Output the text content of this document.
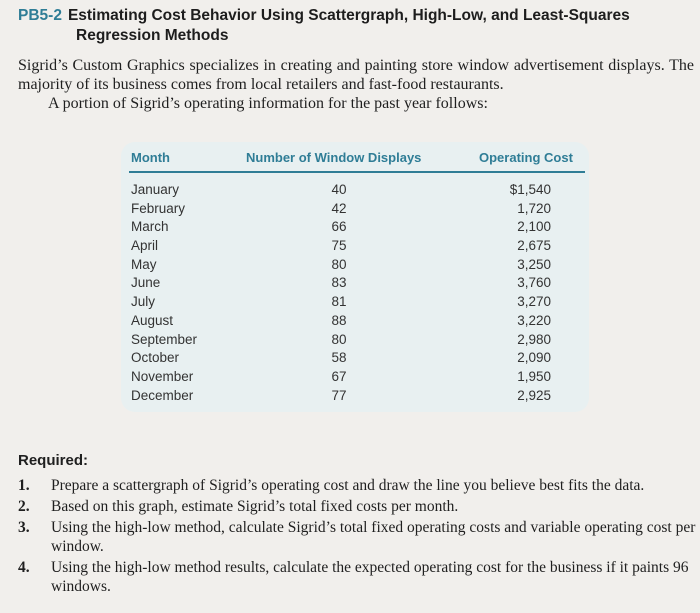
PB5-2 Estimating Cost Behavior Using Scattergraph, High-Low, and Least-Squares
Regression Methods

Sigrid’s Custom Graphics specializes in creating and painting store window advertisement displays. The majority of its business comes from local retailers and fast-food restaurants.

A portion of Sigrid’s operating information for the past year follows:

Month	Number of Window Displays	Operating Cost
January	40	$1,540
February	42	1,720
March	66	2,100
April	75	2,675
May	80	3,250
June	83	3,760
July	81	3,270
August	88	3,220
September	80	2,980
October	58	2,090
November	67	1,950
December	77	2,925
Required:
1. Prepare a scattergraph of Sigrid’s operating cost and draw the line you believe best fits the data.
2. Based on this graph, estimate Sigrid’s total fixed costs per month.
3. Using the high-low method, calculate Sigrid’s total fixed operating costs and variable operating cost per window.
4. Using the high-low method results, calculate the expected operating cost for the business if it paints 96 windows.
